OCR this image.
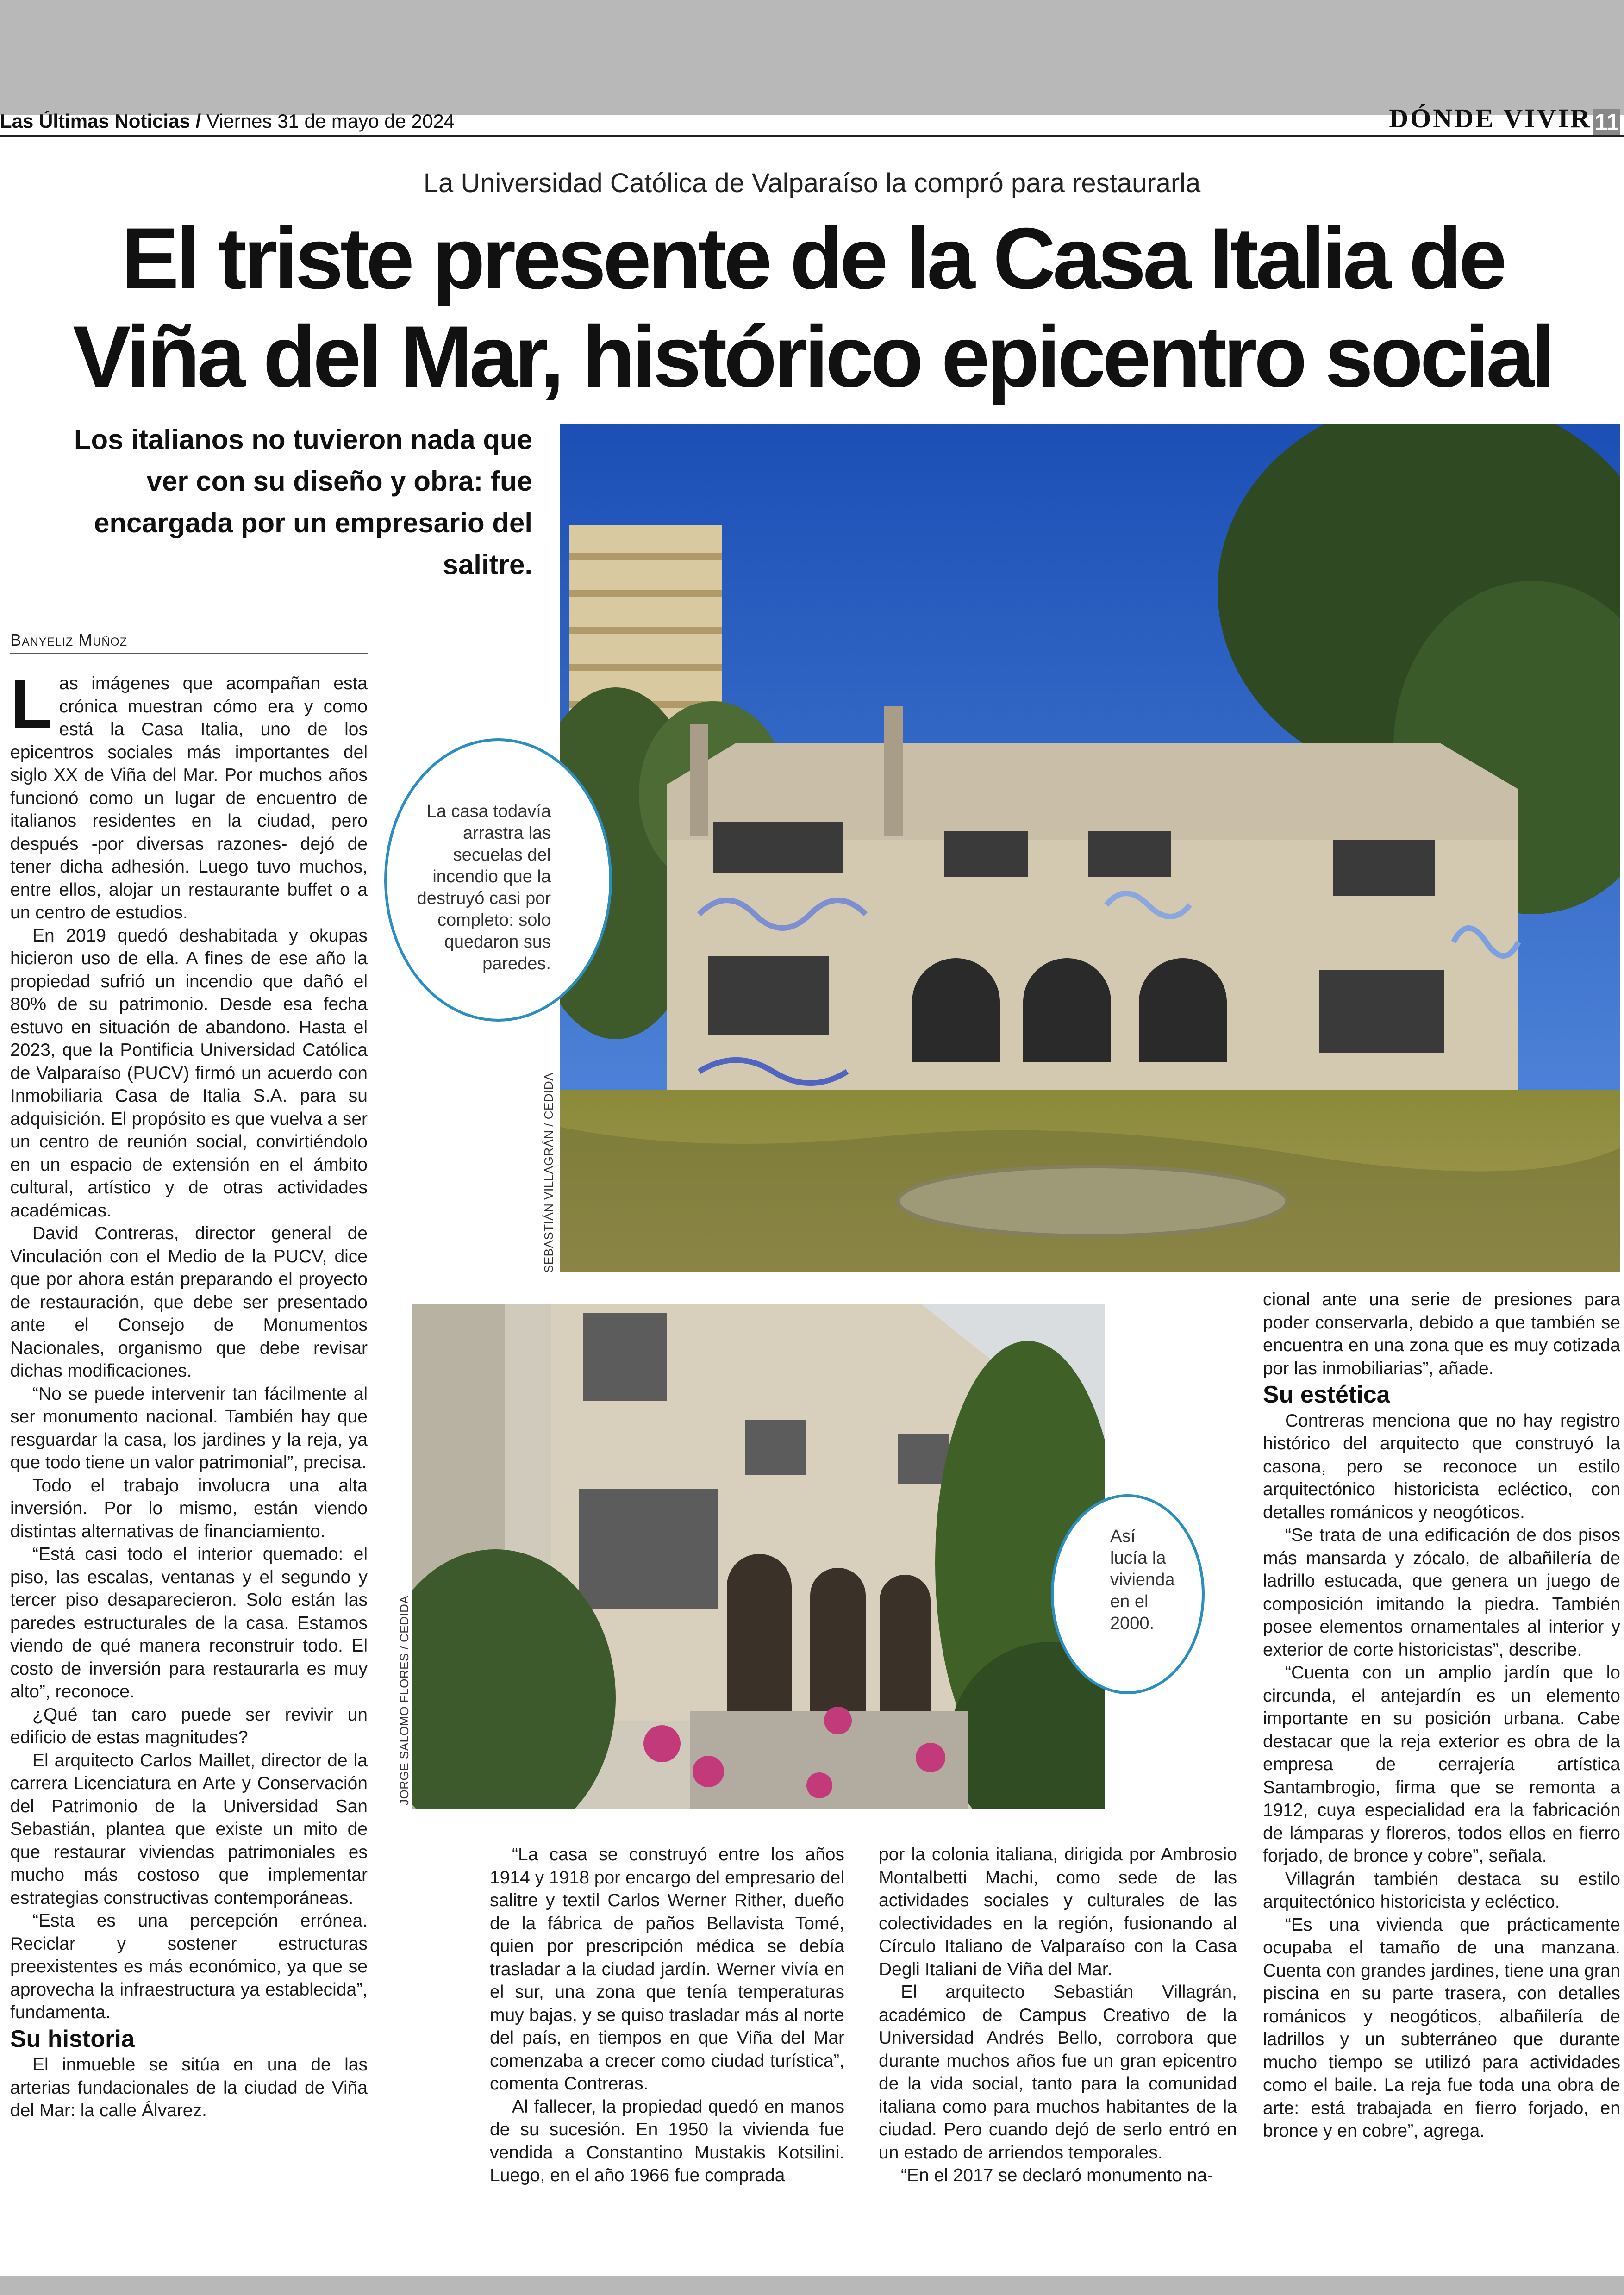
Las Últimas Noticias / Viernes 31 de mayo de 2024	DÓNDE VIVIR 11
La Universidad Católica de Valparaíso la compró para restaurarla
El triste presente de la Casa Italia de Viña del Mar, histórico epicentro social
Los italianos no tuvieron nada que ver con su diseño y obra: fue encargada por un empresario del salitre.
Banyeliz Muñoz
SEBASTIÁN VILLAGRÁN / CEDIDA
La casa todavía arrastra las secuelas del incendio que la destruyó casi por completo: solo quedaron sus paredes.
JORGE SALOMO FLORES / CEDIDA
Así lucía la vivienda en el 2000.

Las imágenes que acompañan esta crónica muestran cómo era y como está la Casa Italia, uno de los epicentros sociales más importantes del siglo XX de Viña del Mar. Por muchos años funcionó como un lugar de encuentro de italianos residentes en la ciudad, pero después -por diversas razones- dejó de tener dicha adhesión. Luego tuvo muchos, entre ellos, alojar un restaurante buffet o a un centro de estudios.

En 2019 quedó deshabitada y okupas hicieron uso de ella. A fines de ese año la propiedad sufrió un incendio que dañó el 80% de su patrimonio. Desde esa fecha estuvo en situación de abandono. Hasta el 2023, que la Pontificia Universidad Católica de Valparaíso (PUCV) firmó un acuerdo con Inmobiliaria Casa de Italia S.A. para su adquisición. El propósito es que vuelva a ser un centro de reunión social, convirtiéndolo en un espacio de extensión en el ámbito cultural, artístico y de otras actividades académicas.

David Contreras, director general de Vinculación con el Medio de la PUCV, dice que por ahora están preparando el proyecto de restauración, que debe ser presentado ante el Consejo de Monumentos Nacionales, organismo que debe revisar dichas modificaciones.

“No se puede intervenir tan fácilmente al ser monumento nacional. También hay que resguardar la casa, los jardines y la reja, ya que todo tiene un valor patrimonial”, precisa.

Todo el trabajo involucra una alta inversión. Por lo mismo, están viendo distintas alternativas de financiamiento.

“Está casi todo el interior quemado: el piso, las escalas, ventanas y el segundo y tercer piso desaparecieron. Solo están las paredes estructurales de la casa. Estamos viendo de qué manera reconstruir todo. El costo de inversión para restaurarla es muy alto”, reconoce.

¿Qué tan caro puede ser revivir un edificio de estas magnitudes?

El arquitecto Carlos Maillet, director de la carrera Licenciatura en Arte y Conservación del Patrimonio de la Universidad San Sebastián, plantea que existe un mito de que restaurar viviendas patrimoniales es mucho más costoso que implementar estrategias constructivas contemporáneas.

“Esta es una percepción errónea. Reciclar y sostener estructuras preexistentes es más económico, ya que se aprovecha la infraestructura ya establecida”, fundamenta.

Su historia

El inmueble se sitúa en una de las arterias fundacionales de la ciudad de Viña del Mar: la calle Álvarez.

“La casa se construyó entre los años 1914 y 1918 por encargo del empresario del salitre y textil Carlos Werner Rither, dueño de la fábrica de paños Bellavista Tomé, quien por prescripción médica se debía trasladar a la ciudad jardín. Werner vivía en el sur, una zona que tenía temperaturas muy bajas, y se quiso trasladar más al norte del país, en tiempos en que Viña del Mar comenzaba a crecer como ciudad turística”, comenta Contreras.

Al fallecer, la propiedad quedó en manos de su sucesión. En 1950 la vivienda fue vendida a Constantino Mustakis Kotsilini. Luego, en el año 1966 fue comprada

por la colonia italiana, dirigida por Ambrosio Montalbetti Machi, como sede de las actividades sociales y culturales de las colectividades en la región, fusionando al Círculo Italiano de Valparaíso con la Casa Degli Italiani de Viña del Mar.

El arquitecto Sebastián Villagrán, académico de Campus Creativo de la Universidad Andrés Bello, corrobora que durante muchos años fue un gran epicentro de la vida social, tanto para la comunidad italiana como para muchos habitantes de la ciudad. Pero cuando dejó de serlo entró en un estado de arriendos temporales.

“En el 2017 se declaró monumento na-

cional ante una serie de presiones para poder conservarla, debido a que también se encuentra en una zona que es muy cotizada por las inmobiliarias”, añade.

Su estética

Contreras menciona que no hay registro histórico del arquitecto que construyó la casona, pero se reconoce un estilo arquitectónico historicista ecléctico, con detalles románicos y neogóticos.

“Se trata de una edificación de dos pisos más mansarda y zócalo, de albañilería de ladrillo estucada, que genera un juego de composición imitando la piedra. También posee elementos ornamentales al interior y exterior de corte historicistas”, describe.

“Cuenta con un amplio jardín que lo circunda, el antejardín es un elemento importante en su posición urbana. Cabe destacar que la reja exterior es obra de la empresa de cerrajería artística Santambrogio, firma que se remonta a 1912, cuya especialidad era la fabricación de lámparas y floreros, todos ellos en fierro forjado, de bronce y cobre”, señala.

Villagrán también destaca su estilo arquitectónico historicista y ecléctico.

“Es una vivienda que prácticamente ocupaba el tamaño de una manzana. Cuenta con grandes jardines, tiene una gran piscina en su parte trasera, con detalles románicos y neogóticos, albañilería de ladrillos y un subterráneo que durante mucho tiempo se utilizó para actividades como el baile. La reja fue toda una obra de arte: está trabajada en fierro forjado, en bronce y en cobre”, agrega.
